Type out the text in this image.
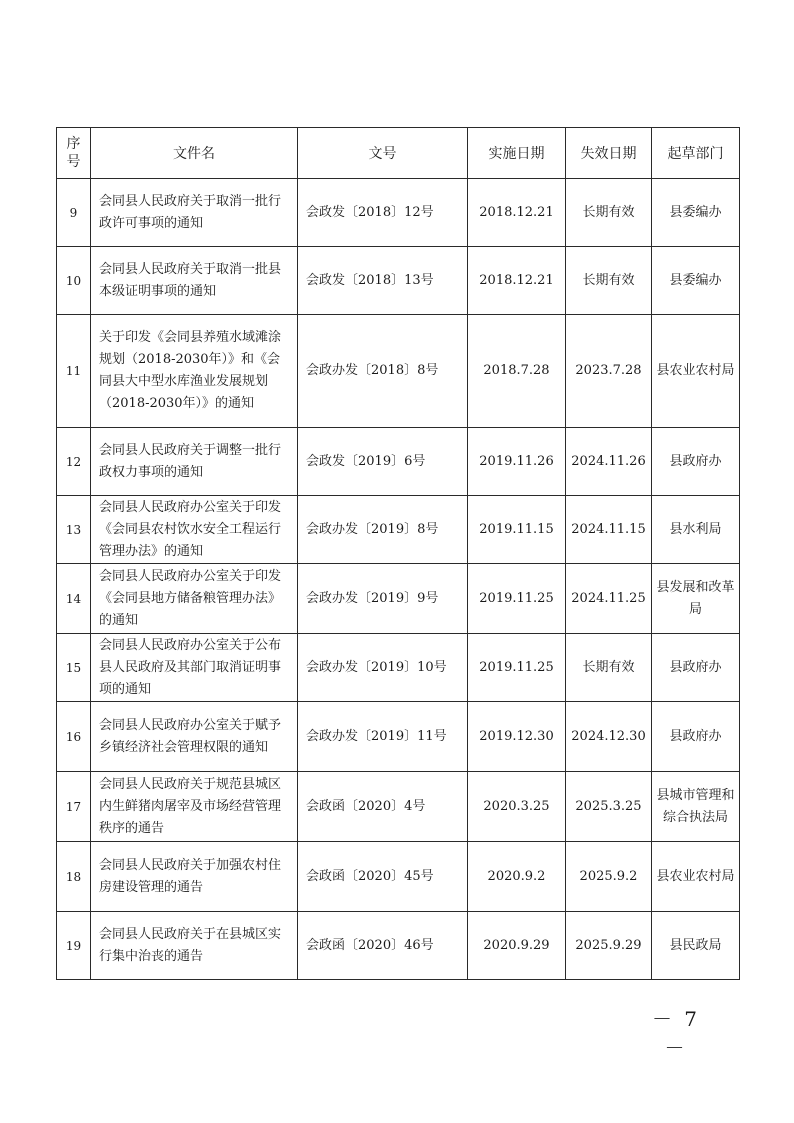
序号	文件名	文号	实施日期	失效日期	起草部门
9	会同县人民政府关于取消一批行政许可事项的通知	会政发〔2018〕12号	2018.12.21	长期有效	县委编办
10	会同县人民政府关于取消一批县本级证明事项的通知	会政发〔2018〕13号	2018.12.21	长期有效	县委编办
11	关于印发《会同县养殖水域滩涂规划（2018-2030年）》和《会同县大中型水库渔业发展规划（2018-2030年）》的通知	会政办发〔2018〕8号	2018.7.28	2023.7.28	县农业农村局
12	会同县人民政府关于调整一批行政权力事项的通知	会政发〔2019〕6号	2019.11.26	2024.11.26	县政府办
13	会同县人民政府办公室关于印发《会同县农村饮水安全工程运行管理办法》的通知	会政办发〔2019〕8号	2019.11.15	2024.11.15	县水利局
14	会同县人民政府办公室关于印发《会同县地方储备粮管理办法》的通知	会政办发〔2019〕9号	2019.11.25	2024.11.25	县发展和改革局
15	会同县人民政府办公室关于公布县人民政府及其部门取消证明事项的通知	会政办发〔2019〕10号	2019.11.25	长期有效	县政府办
16	会同县人民政府办公室关于赋予乡镇经济社会管理权限的通知	会政办发〔2019〕11号	2019.12.30	2024.12.30	县政府办
17	会同县人民政府关于规范县城区内生鲜猪肉屠宰及市场经营管理秩序的通告	会政函〔2020〕4号	2020.3.25	2025.3.25	县城市管理和综合执法局
18	会同县人民政府关于加强农村住房建设管理的通告	会政函〔2020〕45号	2020.9.2	2025.9.2	县农业农村局
19	会同县人民政府关于在县城区实行集中治丧的通告	会政函〔2020〕46号	2020.9.29	2025.9.29	县民政局
－ 7 －
